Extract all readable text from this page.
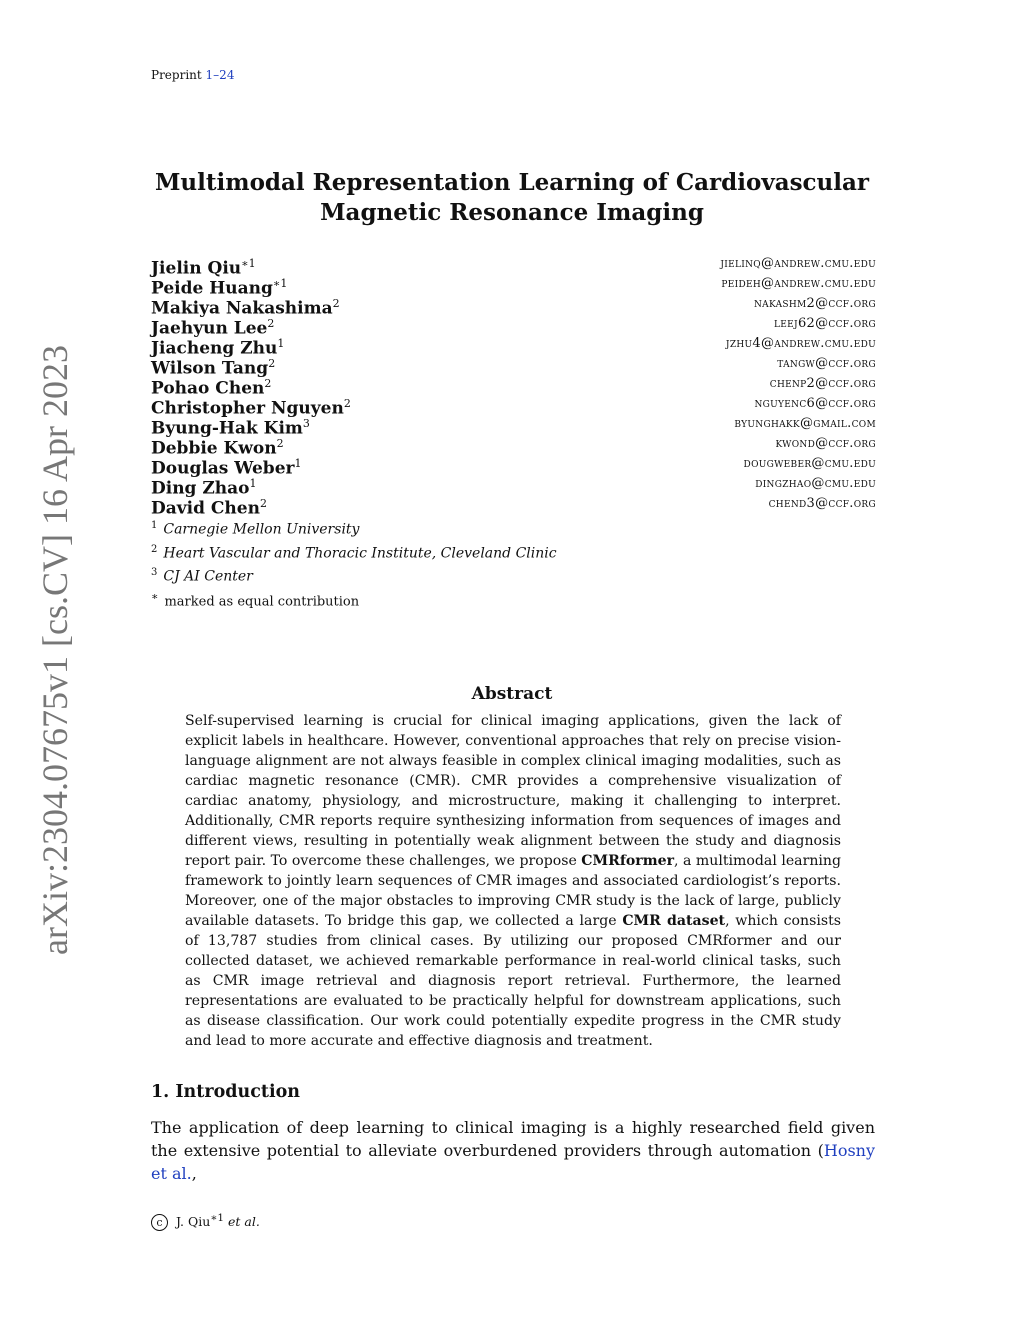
Preprint 1–24
arXiv:2304.07675v1 [cs.CV] 16 Apr 2023
Multimodal Representation Learning of Cardiovascular
Magnetic Resonance Imaging
Jielin Qiu$^{∗1}$	jielinq@andrew.cmu.edu
Peide Huang$^{∗1}$	peideh@andrew.cmu.edu
Makiya Nakashima$^2$	nakashm2@ccf.org
Jaehyun Lee$^2$	leej62@ccf.org
Jiacheng Zhu$^1$	jzhu4@andrew.cmu.edu
Wilson Tang$^2$	tangw@ccf.org
Pohao Chen$^2$	chenp2@ccf.org
Christopher Nguyen$^2$	nguyenc6@ccf.org
Byung-Hak Kim$^3$	byunghakk@gmail.com
Debbie Kwon$^2$	kwond@ccf.org
Douglas Weber$^1$	dougweber@cmu.edu
Ding Zhao$^1$	dingzhao@cmu.edu
David Chen$^2$	chend3@ccf.org
$^1$ Carnegie Mellon University
$^2$ Heart Vascular and Thoracic Institute, Cleveland Clinic
$^3$ CJ AI Center
∗ marked as equal contribution
Abstract
Self-supervised learning is crucial for clinical imaging applications, given the lack of explicit labels in healthcare. However, conventional approaches that rely on precise vision-language alignment are not always feasible in complex clinical imaging modalities, such as cardiac magnetic resonance (CMR). CMR provides a comprehensive visualization of cardiac anatomy, physiology, and microstructure, making it challenging to interpret. Additionally, CMR reports require synthesizing information from sequences of images and different views, resulting in potentially weak alignment between the study and diagnosis report pair. To overcome these challenges, we propose CMRformer, a multimodal learning framework to jointly learn sequences of CMR images and associated cardiologist’s reports. Moreover, one of the major obstacles to improving CMR study is the lack of large, publicly available datasets. To bridge this gap, we collected a large CMR dataset, which consists of 13,787 studies from clinical cases. By utilizing our proposed CMRformer and our collected dataset, we achieved remarkable performance in real-world clinical tasks, such as CMR image retrieval and diagnosis report retrieval. Furthermore, the learned representations are evaluated to be practically helpful for downstream applications, such as disease classification. Our work could potentially expedite progress in the CMR study and lead to more accurate and effective diagnosis and treatment.
1. Introduction
The application of deep learning to clinical imaging is a highly researched field given the extensive potential to alleviate overburdened providers through automation (Hosny et al.,
c J. Qiu$^{∗1}$ et al.
